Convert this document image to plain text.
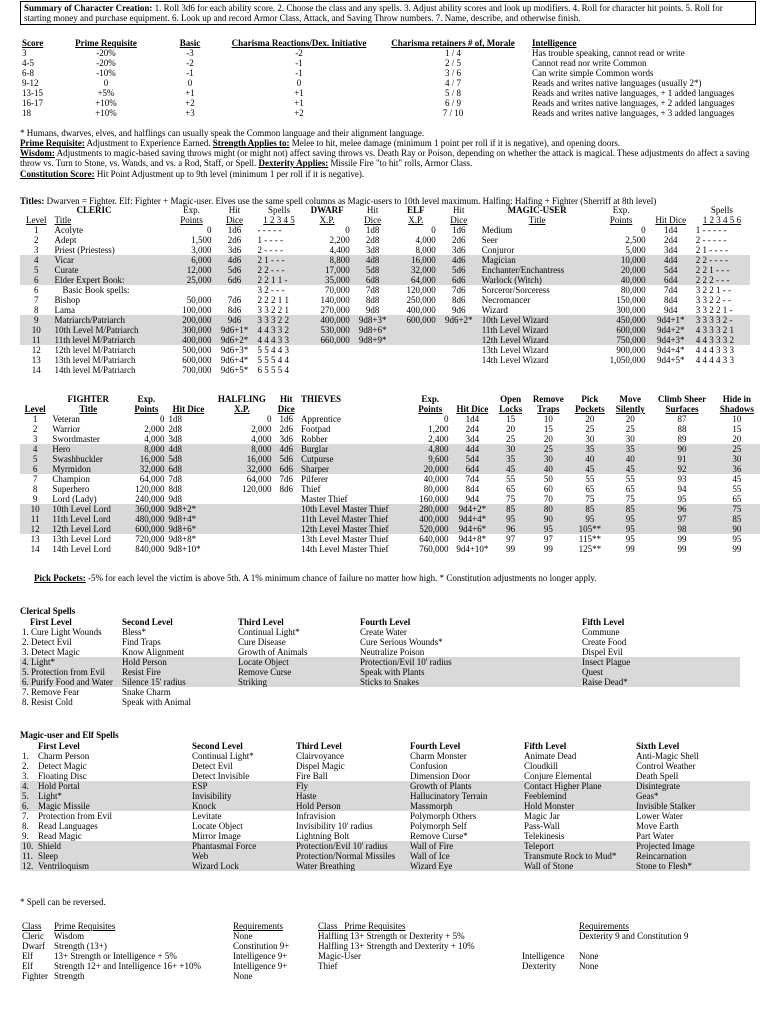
Summary of Character Creation: 1. Roll 3d6 for each ability score. 2. Choose the class and any spells. 3. Adjust ability scores and look up modifiers. 4. Roll for character hit points. 5. Roll for starting money and purchase equipment. 6. Look up and record Armor Class, Attack, and Saving Throw numbers. 7. Name, describe, and otherwise finish.
Score	Prime Requisite	Basic	Charisma Reactions/Dex. Initiative	Charisma retainers # of, Morale	Intelligence
3	-20%	-3	-2	1 / 4	Has trouble speaking, cannot read or write
4-5	-20%	-2	-1	2 / 5	Cannot read nor write Common
6-8	-10%	-1	-1	3 / 6	Can write simple Common words
9-12	0	0	0	4 / 7	Reads and writes native languages (usually 2*)
13-15	+5%	+1	+1	5 / 8	Reads and writes native languages, + 1 added languages
16-17	+10%	+2	+1	6 / 9	Reads and writes native languages, + 2 added languages
18	+10%	+3	+2	7 / 10	Reads and writes native languages, + 3 added languages
* Humans, dwarves, elves, and halflings can usually speak the Common language and their alignment language.
Prime Requisite: Adjustment to Experience Earned. Strength Applies to: Melee to hit, melee damage (minimum 1 point per roll if it is negative), and opening doors.
Wisdom: Adjustments to magic-based saving throws might (or might not) affect saving throws vs. Death Ray or Poison, depending on whether the attack is magical. These adjustments do affect a saving throw vs. Turn to Stone, vs. Wands, and vs. a Rod, Staff, or Spell. Dexterity Applies: Missile Fire "to hit" rolls, Armor Class.
Constitution Score: Hit Point Adjustment up to 9th level (minimum 1 per roll if it is negative).
Titles: Dwarven = Fighter. Elf: Fighter + Magic-user. Elves use the same spell columns as Magic-users to 10th level maximum. Halfing: Halfing + Fighter (Sherriff at 8th level)
	CLERIC	Exp.	Hit	Spells	DWARF	Hit	ELF	Hit	MAGIC-USER	Exp.		Spells
Level	Title	Points	Dice	1 2 3 4 5	X.P.	Dice	X.P.	Dice	Title	Points	Hit Dice	1 2 3 4 5 6
1	Acolyte	0	1d6	- - - - -	0	1d8	0	1d6	Medium	0	1d4	1 - - - - -
2	Adept	1,500	2d6	1 - - - -	2,200	2d8	4,000	2d6	Seer	2,500	2d4	2 - - - - -
3	Priest (Priestess)	3,000	3d6	2 - - - -	4,400	3d8	8,000	3d6	Conjuror	5,000	3d4	2 1 - - - -
4	Vicar	6,000	4d6	2 1 - - -	8,800	4d8	16,000	4d6	Magician	10,000	4d4	2 2 - - - -
5	Curate	12,000	5d6	2 2 - - -	17,000	5d8	32,000	5d6	Enchanter/Enchantress	20,000	5d4	2 2 1 - - -
6	Elder Expert Book:	25,000	6d6	2 2 1 1 -	35,000	6d8	64,000	6d6	Warlock (Witch)	40,000	6d4	2 2 2 - - -
6	Basic Book spells:			3 2 - - -	70,000	7d8	120,000	7d6	Sorceror/Sorceress	80,000	7d4	3 2 2 1 - -
7	Bishop	50,000	7d6	2 2 2 1 1	140,000	8d8	250,000	8d6	Necromancer	150,000	8d4	3 3 2 2 - -
8	Lama	100,000	8d6	3 3 2 2 1	270,000	9d8	400,000	9d6	Wizard	300,000	9d4	3 3 2 2 1 -
9	Matriarch/Patriarch	200,000	9d6	3 3 3 2 2	400,000	9d8+3*	600,000	9d6+2*	10th Level Wizard	450,000	9d4+1*	3 3 3 3 2 -
10	10th Level M/Patriarch	300,000	9d6+1*	4 4 3 3 2	530,000	9d8+6*			11th Level Wizard	600,000	9d4+2*	4 3 3 3 2 1
11	11th level M/Patriarch	400,000	9d6+2*	4 4 4 3 3	660,000	9d8+9*			12th Level Wizard	750,000	9d4+3*	4 4 3 3 3 2
12	12th level M/Patriarch	500,000	9d6+3*	5 5 4 4 3					13th Level Wizard	900,000	9d4+4*	4 4 4 3 3 3
13	13th level M/Patriarch	600,000	9d6+4*	5 5 5 4 4					14th Level Wizard	1,050,000	9d4+5*	4 4 4 4 3 3
14	14th level M/Patriarch	700,000	9d6+5*	6 5 5 5 4								
	FIGHTER	Exp.		HALFLING	Hit	THIEVES	Exp.		Open	Remove	Pick	Move	Climb Sheer	Hide in
Level	Title	Points	Hit Dice	X.P.	Dice		Points	Hit Dice	Locks	Traps	Pockets	Silently	Surfaces	Shadows
1	Veteran	0	1d8	0	1d6	Apprentice	0	1d4	15	10	20	20	87	10
2	Warrior	2,000	2d8	2,000	2d6	Footpad	1,200	2d4	20	15	25	25	88	15
3	Swordmaster	4,000	3d8	4,000	3d6	Robber	2,400	3d4	25	20	30	30	89	20
4	Hero	8,000	4d8	8,000	4d6	Burglar	4,800	4d4	30	25	35	35	90	25
5	Swashbuckler	16,000	5d8	16,000	5d6	Cutpurse	9,600	5d4	35	30	40	40	91	30
6	Myrmidon	32,000	6d8	32,000	6d6	Sharper	20,000	6d4	45	40	45	45	92	36
7	Champion	64,000	7d8	64,000	7d6	Pilferer	40,000	7d4	55	50	55	55	93	45
8	Superhero	120,000	8d8	120,000	8d6	Thief	80,000	8d4	65	60	65	65	94	55
9	Lord (Lady)	240,000	9d8			Master Thief	160,000	9d4	75	70	75	75	95	65
10	10th Level Lord	360,000	9d8+2*			10th Level Master Thief	280,000	9d4+2*	85	80	85	85	96	75
11	11th Level Lord	480,000	9d8+4*			11th Level Master Thief	400,000	9d4+4*	95	90	95	95	97	85
12	12th Level Lord	600,000	9d8+6*			12th Level Master Thief	520,000	9d4+6*	96	95	105**	95	98	90
13	13th Level Lord	720,000	9d8+8*			13th Level Master Thief	640,000	9d4+8*	97	97	115**	95	99	95
14	14th Level Lord	840,000	9d8+10*			14th Level Master Thief	760,000	9d4+10*	99	99	125**	99	99	99
Pick Pockets: -5% for each level the victim is above 5th. A 1% minimum chance of failure no matter how high. * Constitution adjustments no longer apply.
Clerical Spells
First Level	Second Level	Third Level	Fourth Level	Fifth Level
1. Cure Light Wounds	Bless*	Continual Light*	Create Water	Commune
2. Detect Evil	Find Traps	Cure Disease	Cure Serious Wounds*	Create Food
3. Detect Magic	Know Alignment	Growth of Animals	Neutralize Poison	Dispel Evil
4. Light*	Hold Person	Locate Object	Protection/Evil 10' radius	Insect Plague
5. Protection from Evil	Resist Fire	Remove Curse	Speak with Plants	Quest
6. Purify Food and Water	Silence 15' radius	Striking	Sticks to Snakes	Raise Dead*
7. Remove Fear	Snake Charm			
8. Resist Cold	Speak with Animal			
Magic-user and Elf Spells
	First Level	Second Level	Third Level	Fourth Level	Fifth Level	Sixth Level
1.	Charm Person	Continual Light*	Clairvoyance	Charm Monster	Animate Dead	Anti-Magic Shell
2.	Detect Magic	Detect Evil	Dispel Magic	Confusion	Cloudkill	Control Weather
3.	Floating Disc	Detect Invisible	Fire Ball	Dimension Door	Conjure Elemental	Death Spell
4.	Hold Portal	ESP	Fly	Growth of Plants	Contact Higher Plane	Disintegrate
5.	Light*	Invisibility	Haste	Hallucinatory Terrain	Feeblemind	Geas*
6.	Magic Missile	Knock	Hold Person	Massmorph	Hold Monster	Invisible Stalker
7.	Protection from Evil	Levitate	Infravision	Polymorph Others	Magic Jar	Lower Water
8.	Read Languages	Locate Object	Invisibility 10' radius	Polymorph Self	Pass-Wall	Move Earth
9.	Read Magic	Mirror Image	Lightning Bolt	Remove Curse*	Telekinesis	Part Water
10.	Shield	Phantasmal Force	Protection/Evil 10' radius	Wall of Fire	Teleport	Projected Image
11.	Sleep	Web	Protection/Normal Missiles	Wall of Ice	Transmute Rock to Mud*	Reincarnation
12.	Ventriloquism	Wizard Lock	Water Breathing	Wizard Eye	Wall of Stone	Stone to Flesh*
* Spell can be reversed.
Class	Prime Requisites	Requirements
Cleric	Wisdom	None
Dwarf	Strength (13+)	Constitution 9+
Elf	13+ Strength or Intelligence + 5%	Intelligence 9+
Elf	Strength 12+ and Intelligence 16+ +10%	Intelligence 9+
Fighter	Strength	None
Class Prime Requisites		Requirements
Halfling 13+ Strength or Dexterity + 5%		Dexterity 9 and Constitution 9
Halfling 13+ Strength and Dexterity + 10%		
Magic-User	Intelligence	None
Thief	Dexterity	None
